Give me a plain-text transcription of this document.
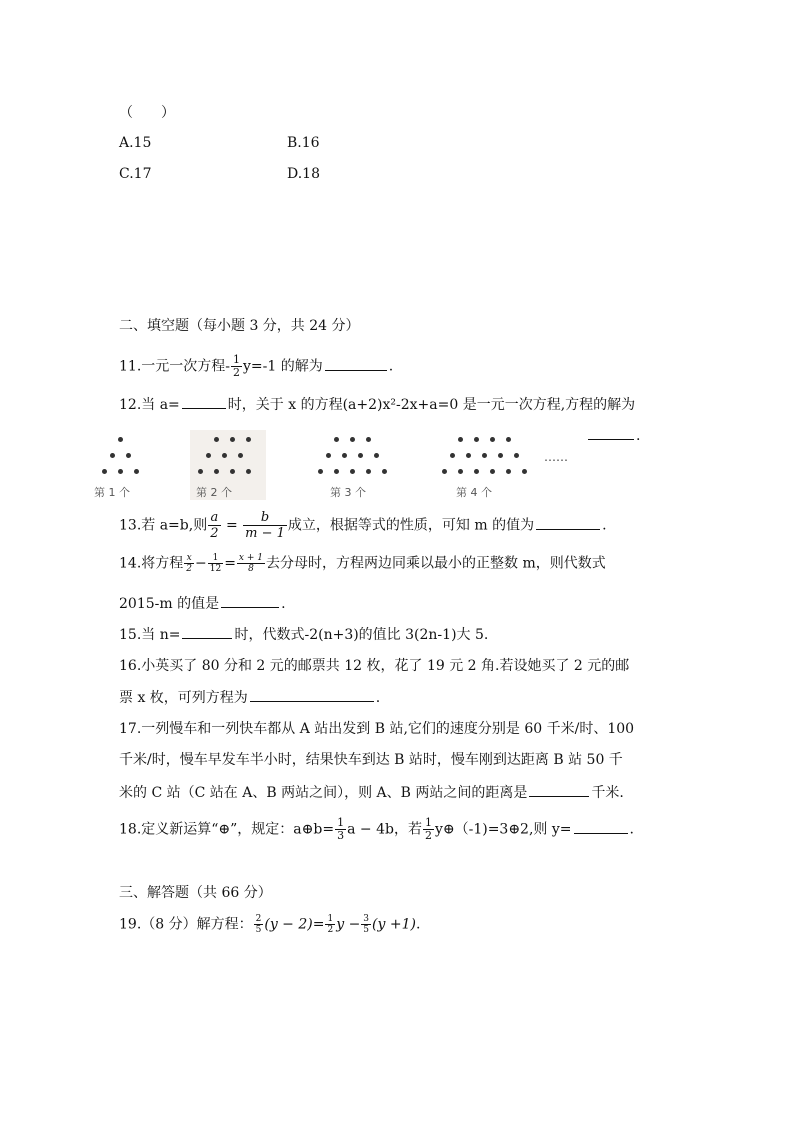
（　　）
A.15	B.16
C.17	D.18
二、填空题（每小题 3 分，共 24 分）
11.一元一次方程- $\frac{1}{2} y=-1$ 的解为	.
12.当 a=	时，关于 x 的方程(a+2)x²-2x+a=0 是一元一次方程,方程的解为
.
第 1 个	第 2 个	第 3 个	第 4 个
……
13.若 a=b,则 $\frac{a}{2} = \frac{b}{m - 1}$ 成立，根据等式的性质，可知 m 的值为	.
14.将方程 $\frac{x}{2} - \frac{1}{12} = \frac{x + 1}{8}$ 去分母时，方程两边同乘以最小的正整数 m，则代数式
2015-m 的值是	.
15.当 n=	时，代数式-2(n+3)的值比 3(2n-1)大 5.
16.小英买了 80 分和 2 元的邮票共 12 枚，花了 19 元 2 角.若设她买了 2 元的邮
票 x 枚，可列方程为	.
17.一列慢车和一列快车都从 A 站出发到 B 站,它们的速度分别是 60 千米/时、100
千米/时，慢车早发车半小时，结果快车到达 B 站时，慢车刚到达距离 B 站 50 千
米的 C 站（C 站在 A、B 两站之间），则 A、B 两站之间的距离是	千米.
18.定义新运算“⊕”，规定：a⊕b= $\frac{1}{3}$ a − 4b，若 $\frac{1}{2}$ y⊕（-1)=3⊕2,则 y=	.
三、解答题（共 66 分）
19.（8 分）解方程： $\frac{2}{5} (y - 2)= \frac{1}{2}$ $y - \frac{3}{5} (y +1)$.
